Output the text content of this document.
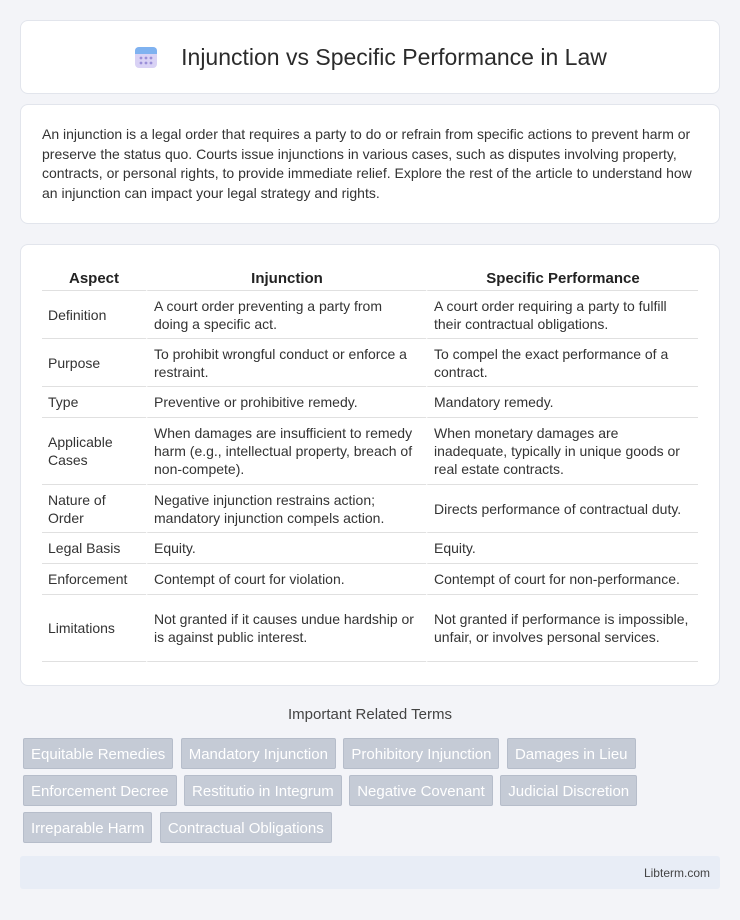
Injunction vs Specific Performance in Law

An injunction is a legal order that requires a party to do or refrain from specific actions to prevent harm or preserve the status quo. Courts issue injunctions in various cases, such as disputes involving property, contracts, or personal rights, to provide immediate relief. Explore the rest of the article to understand how an injunction can impact your legal strategy and rights.

Aspect	Injunction	Specific Performance
Definition	A court order preventing a party from doing a specific act.	A court order requiring a party to fulfill their contractual obligations.
Purpose	To prohibit wrongful conduct or enforce a restraint.	To compel the exact performance of a contract.
Type	Preventive or prohibitive remedy.	Mandatory remedy.
Applicable Cases	When damages are insufficient to remedy harm (e.g., intellectual property, breach of non-compete).	When monetary damages are inadequate, typically in unique goods or real estate contracts.
Nature of Order	Negative injunction restrains action; mandatory injunction compels action.	Directs performance of contractual duty.
Legal Basis	Equity.	Equity.
Enforcement	Contempt of court for violation.	Contempt of court for non-performance.
Limitations	Not granted if it causes undue hardship or is against public interest.	Not granted if performance is impossible, unfair, or involves personal services.
Important Related Terms
Equitable Remedies Mandatory Injunction Prohibitory Injunction Damages in Lieu Enforcement Decree Restitutio in Integrum Negative Covenant Judicial Discretion Irreparable Harm Contractual Obligations
Libterm.com
